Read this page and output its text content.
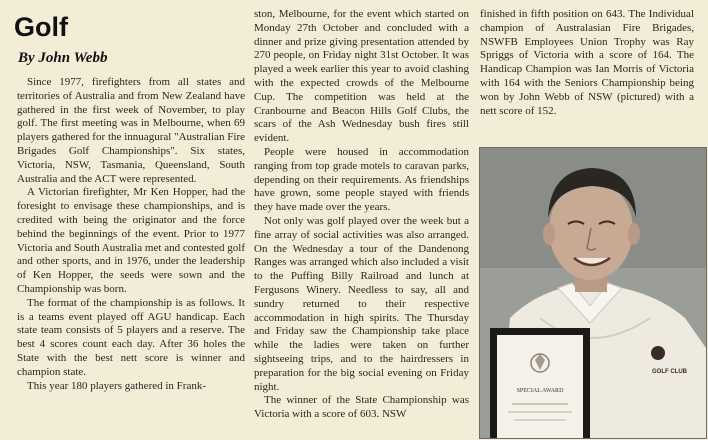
Golf
By John Webb

Since 1977, firefighters from all states and territories of Australia and from New Zealand have gathered in the first week of November, to play golf. The first meeting was in Melbourne, when 69 players gathered for the innuagural "Australian Fire Brigades Golf Championships". Six states, Victoria, NSW, Tasmania, Queensland, South Australia and the ACT were represented.

A Victorian firefighter, Mr Ken Hopper, had the foresight to envisage these championships, and is credited with being the originator and the force behind the beginnings of the event. Prior to 1977 Victoria and South Australia met and contested golf and other sports, and in 1976, under the leadership of Ken Hopper, the seeds were sown and the Championship was born.

The format of the championship is as follows. It is a teams event played off AGU handicap. Each state team consists of 5 players and a reserve. The best 4 scores count each day. After 36 holes the State with the best nett score is winner and champion state.

This year 180 players gathered in Frank-

ston, Melbourne, for the event which started on Monday 27th October and concluded with a dinner and prize giving presentation attended by 270 people, on Friday night 31st October. It was played a week earlier this year to avoid clashing with the expected crowds of the Melbourne Cup. The competition was held at the Cranbourne and Beacon Hills Golf Clubs, the scars of the Ash Wednesday bush fires still evident.

People were housed in accommodation ranging from top grade motels to caravan parks, depending on their requirements. As friendships have grown, some people stayed with friends they have made over the years.

Not only was golf played over the week but a fine array of social activities was also arranged. On the Wednesday a tour of the Dandenong Ranges was arranged which also included a visit to the Puffing Billy Railroad and lunch at Fergusons Winery. Needless to say, all and sundry returned to their respective accommodation in high spirits. The Thursday and Friday saw the Championship take place while the ladies were taken on further sightseeing trips, and to the hairdressers in preparation for the big social evening on Friday night.

The winner of the State Championship was Victoria with a score of 603. NSW

finished in fifth position on 643. The Individual champion of Australasian Fire Brigades, NSWFB Employees Union Trophy was Ray Spriggs of Victoria with a score of 164. The Handicap Champion was Ian Morris of Victoria with 164 with the Seniors Championship being won by John Webb of NSW (pictured) with a nett score of 152.

GOLF CLUB
SPECIAL AWARD
